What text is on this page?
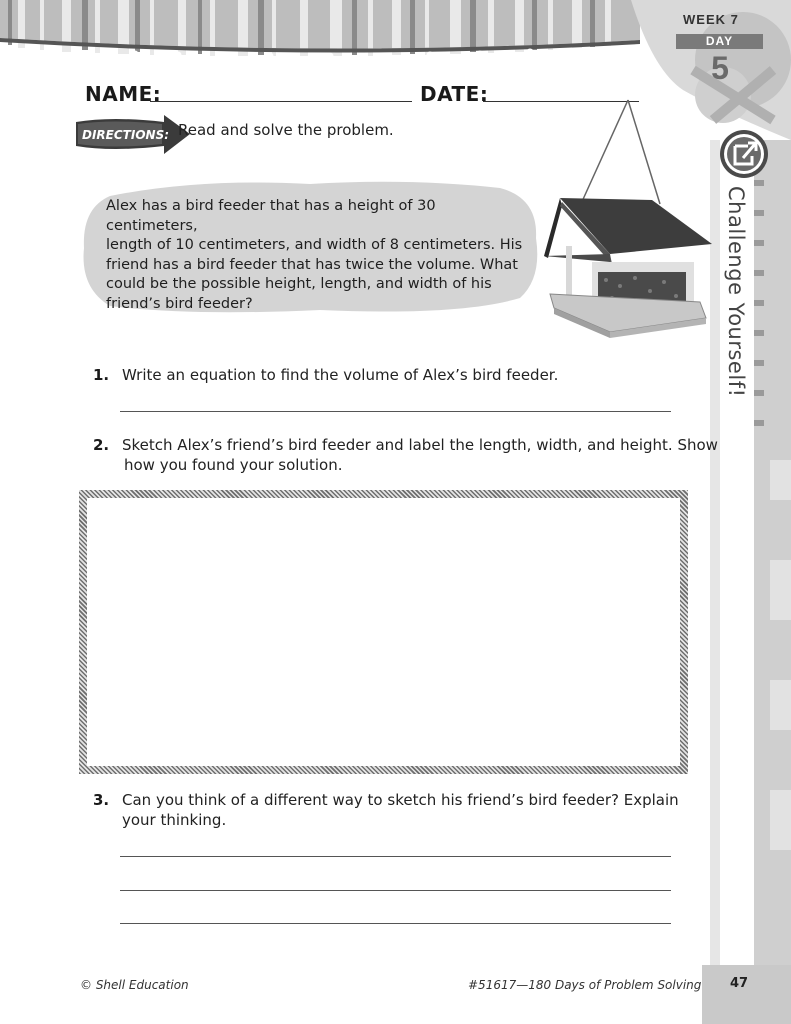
WEEK 7
DAY
5
Challenge Yourself!
NAME:	DATE:
DIRECTIONS: Read and solve the problem.
Alex has a bird feeder that has a height of 30 centimeters,
length of 10 centimeters, and width of 8 centimeters. His
friend has a bird feeder that has twice the volume. What
could be the possible height, length, and width of his
friend’s bird feeder?
1. Write an equation to find the volume of Alex’s bird feeder.
2. Sketch Alex’s friend’s bird feeder and label the length, width, and height. Show
how you found your solution.
3. Can you think of a different way to sketch his friend’s bird feeder? Explain
your thinking.
© Shell Education	#51617—180 Days of Problem Solving	47
